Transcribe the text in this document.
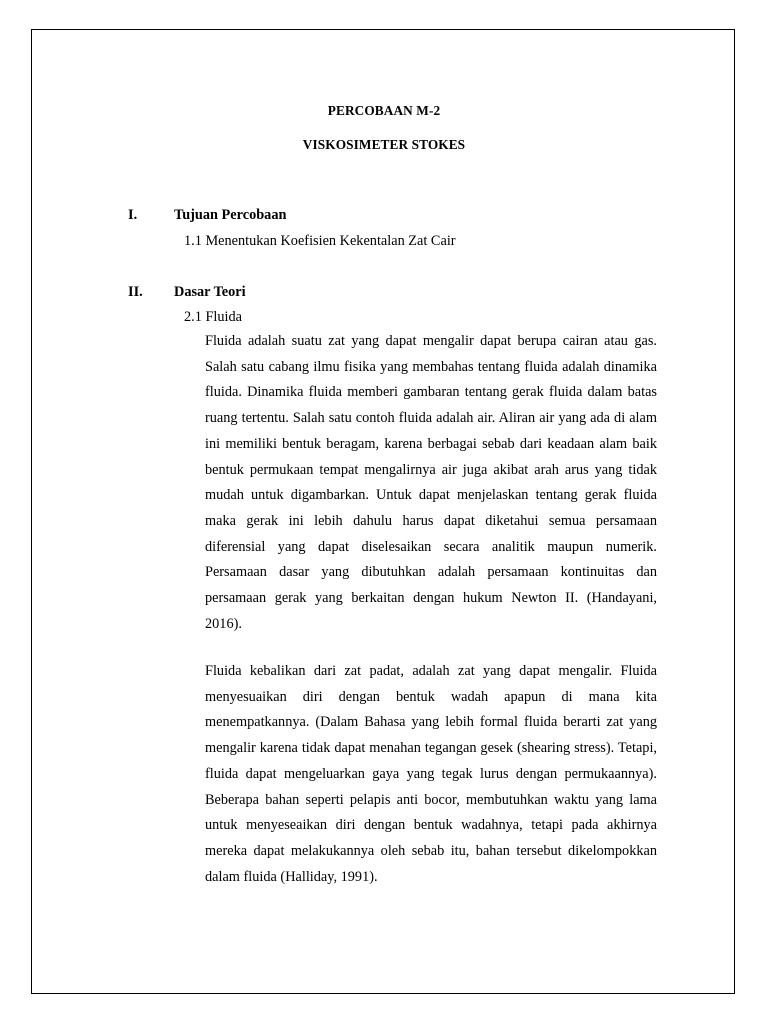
PERCOBAAN M-2
VISKOSIMETER STOKES
I.	Tujuan Percobaan
1.1 Menentukan Koefisien Kekentalan Zat Cair
II. Dasar Teori
2.1 Fluida

Fluida adalah suatu zat yang dapat mengalir dapat berupa cairan atau gas. Salah satu cabang ilmu fisika yang membahas tentang fluida adalah dinamika fluida. Dinamika fluida memberi gambaran tentang gerak fluida dalam batas ruang tertentu. Salah satu contoh fluida adalah air. Aliran air yang ada di alam ini memiliki bentuk beragam, karena berbagai sebab dari keadaan alam baik bentuk permukaan tempat mengalirnya air juga akibat arah arus yang tidak mudah untuk digambarkan. Untuk dapat menjelaskan tentang gerak fluida maka gerak ini lebih dahulu harus dapat diketahui semua persamaan diferensial yang dapat diselesaikan secara analitik maupun numerik. Persamaan dasar yang dibutuhkan adalah persamaan kontinuitas dan persamaan gerak yang berkaitan dengan hukum Newton II. (Handayani, 2016).

Fluida kebalikan dari zat padat, adalah zat yang dapat mengalir. Fluida menyesuaikan diri dengan bentuk wadah apapun di mana kita menempatkannya. (Dalam Bahasa yang lebih formal fluida berarti zat yang mengalir karena tidak dapat menahan tegangan gesek (shearing stress). Tetapi, fluida dapat mengeluarkan gaya yang tegak lurus dengan permukaannya). Beberapa bahan seperti pelapis anti bocor, membutuhkan waktu yang lama untuk menyeseaikan diri dengan bentuk wadahnya, tetapi pada akhirnya mereka dapat melakukannya oleh sebab itu, bahan tersebut dikelompokkan dalam fluida (Halliday, 1991).
